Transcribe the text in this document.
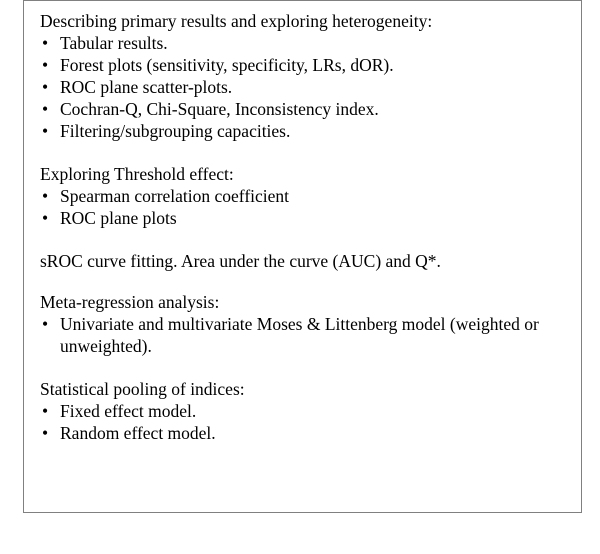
Describing primary results and exploring heterogeneity:
• Tabular results.
• Forest plots (sensitivity, specificity, LRs, dOR).
• ROC plane scatter-plots.
• Cochran-Q, Chi-Square, Inconsistency index.
• Filtering/subgrouping capacities.
Exploring Threshold effect:
• Spearman correlation coefficient
• ROC plane plots
sROC curve fitting. Area under the curve (AUC) and Q*.
Meta-regression analysis:
• Univariate and multivariate Moses & Littenberg model (weighted or unweighted).
Statistical pooling of indices:
• Fixed effect model.
• Random effect model.
